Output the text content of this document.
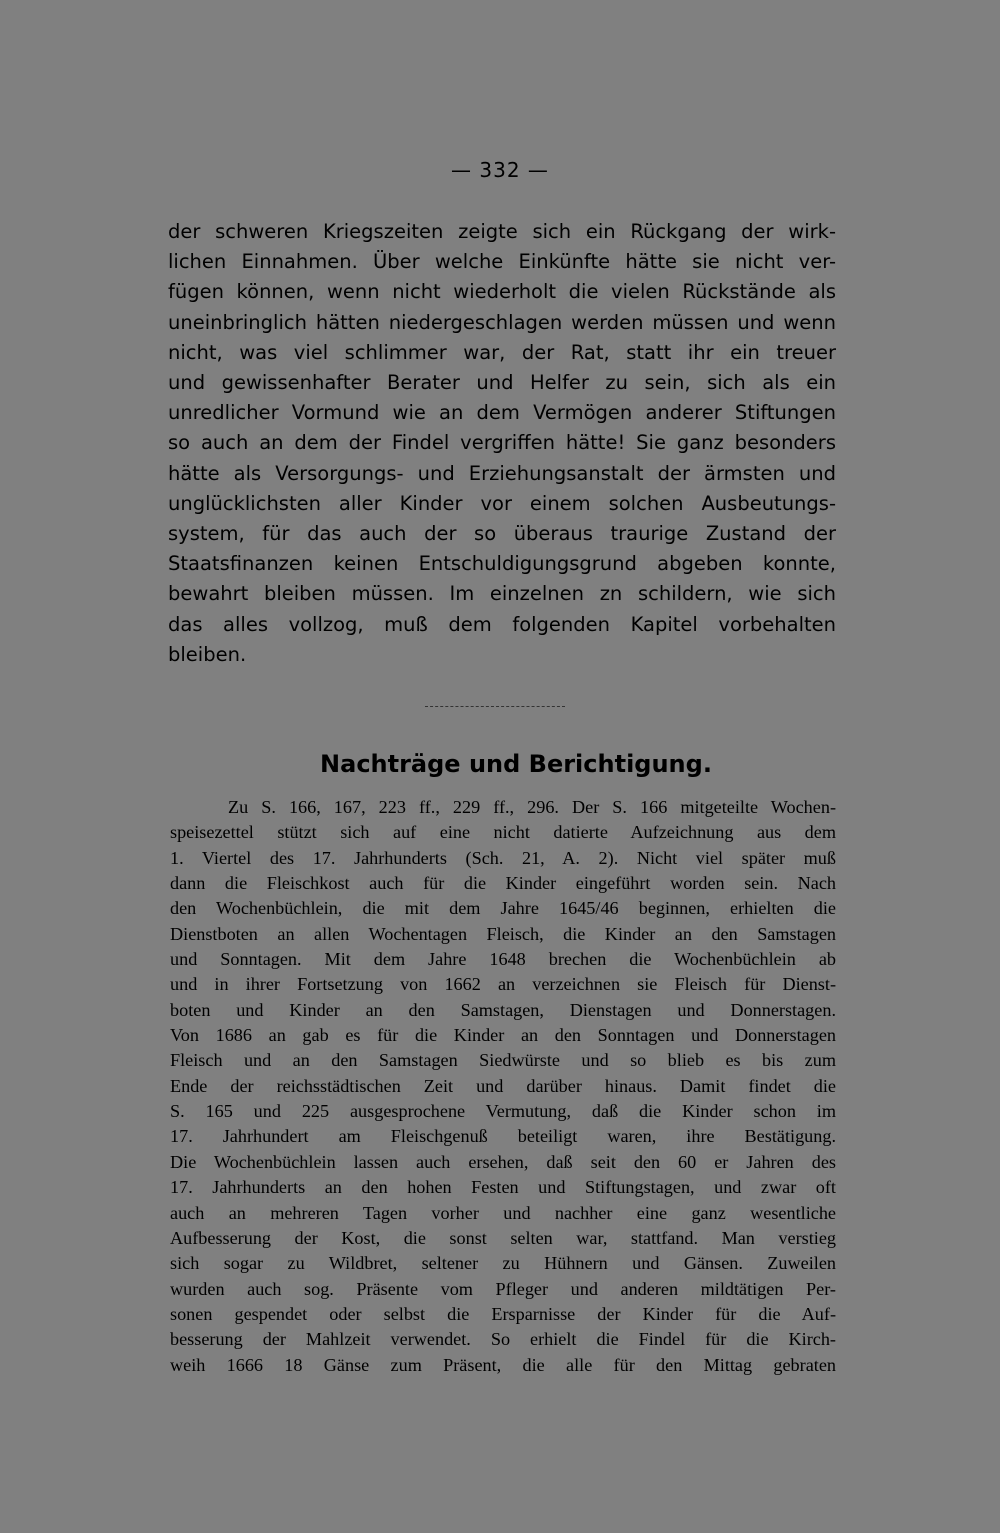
— 332 —
der schweren Kriegszeiten zeigte sich ein Rückgang der wirk-
lichen Einnahmen. Über welche Einkünfte hätte sie nicht ver-
fügen können, wenn nicht wiederholt die vielen Rückstände als
uneinbringlich hätten niedergeschlagen werden müssen und wenn
nicht, was viel schlimmer war, der Rat, statt ihr ein treuer
und gewissenhafter Berater und Helfer zu sein, sich als ein
unredlicher Vormund wie an dem Vermögen anderer Stiftungen
so auch an dem der Findel vergriffen hätte! Sie ganz besonders
hätte als Versorgungs- und Erziehungsanstalt der ärmsten und
unglücklichsten aller Kinder vor einem solchen Ausbeutungs-
system, für das auch der so überaus traurige Zustand der
Staatsfinanzen keinen Entschuldigungsgrund abgeben konnte,
bewahrt bleiben müssen. Im einzelnen zn schildern, wie sich
das alles vollzog, muß dem folgenden Kapitel vorbehalten
bleiben.
Nachträge und Berichtigung.
Zu S. 166, 167, 223 ff., 229 ff., 296. Der S. 166 mitgeteilte Wochen-
speisezettel stützt sich auf eine nicht datierte Aufzeichnung aus dem
1. Viertel des 17. Jahrhunderts (Sch. 21, A. 2). Nicht viel später muß
dann die Fleischkost auch für die Kinder eingeführt worden sein. Nach
den Wochenbüchlein, die mit dem Jahre 1645/46 beginnen, erhielten die
Dienstboten an allen Wochentagen Fleisch, die Kinder an den Samstagen
und Sonntagen. Mit dem Jahre 1648 brechen die Wochenbüchlein ab
und in ihrer Fortsetzung von 1662 an verzeichnen sie Fleisch für Dienst-
boten und Kinder an den Samstagen, Dienstagen und Donnerstagen.
Von 1686 an gab es für die Kinder an den Sonntagen und Donnerstagen
Fleisch und an den Samstagen Siedwürste und so blieb es bis zum
Ende der reichsstädtischen Zeit und darüber hinaus. Damit findet die
S. 165 und 225 ausgesprochene Vermutung, daß die Kinder schon im
17. Jahrhundert am Fleischgenuß beteiligt waren, ihre Bestätigung.
Die Wochenbüchlein lassen auch ersehen, daß seit den 60 er Jahren des
17. Jahrhunderts an den hohen Festen und Stiftungstagen, und zwar oft
auch an mehreren Tagen vorher und nachher eine ganz wesentliche
Aufbesserung der Kost, die sonst selten war, stattfand. Man verstieg
sich sogar zu Wildbret, seltener zu Hühnern und Gänsen. Zuweilen
wurden auch sog. Präsente vom Pfleger und anderen mildtätigen Per-
sonen gespendet oder selbst die Ersparnisse der Kinder für die Auf-
besserung der Mahlzeit verwendet. So erhielt die Findel für die Kirch-
weih 1666 18 Gänse zum Präsent, die alle für den Mittag gebraten
